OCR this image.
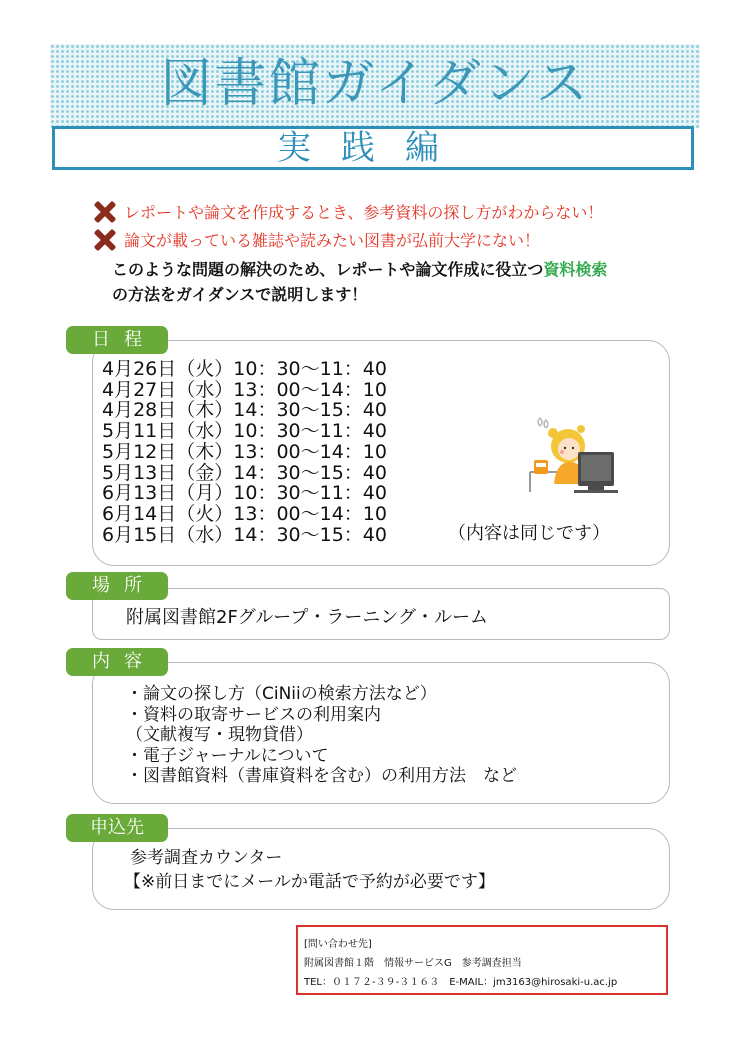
図書館ガイダンス
実践編
レポートや論文を作成するとき、参考資料の探し方がわからない！
論文が載っている雑誌や読みたい図書が弘前大学にない！
このような問題の解決のため、レポートや論文作成に役立つ資料検索
の方法をガイダンスで説明します！
日程
4月26日（火）10：30〜11：40
4月27日（水）13：00〜14：10
4月28日（木）14：30〜15：40
5月11日（水）10：30〜11：40
5月12日（木）13：00〜14：10
5月13日（金）14：30〜15：40
6月13日（月）10：30〜11：40
6月14日（火）13：00〜14：10
6月15日（水）14：30〜15：40	（内容は同じです）
場所
附属図書館2Fグループ・ラーニング・ルーム
内容
・論文の探し方（CiNiiの検索方法など）
・資料の取寄サービスの利用案内
（文献複写・現物貸借）
・電子ジャーナルについて
・図書館資料（書庫資料を含む）の利用方法　など
申込先
参考調査カウンター
【※前日までにメールか電話で予約が必要です】
[問い合わせ先]
附属図書館１階　情報サービスG　参考調査担当
TEL：０１７２-３９-３１６３　E-MAIL：jm3163@hirosaki-u.ac.jp
